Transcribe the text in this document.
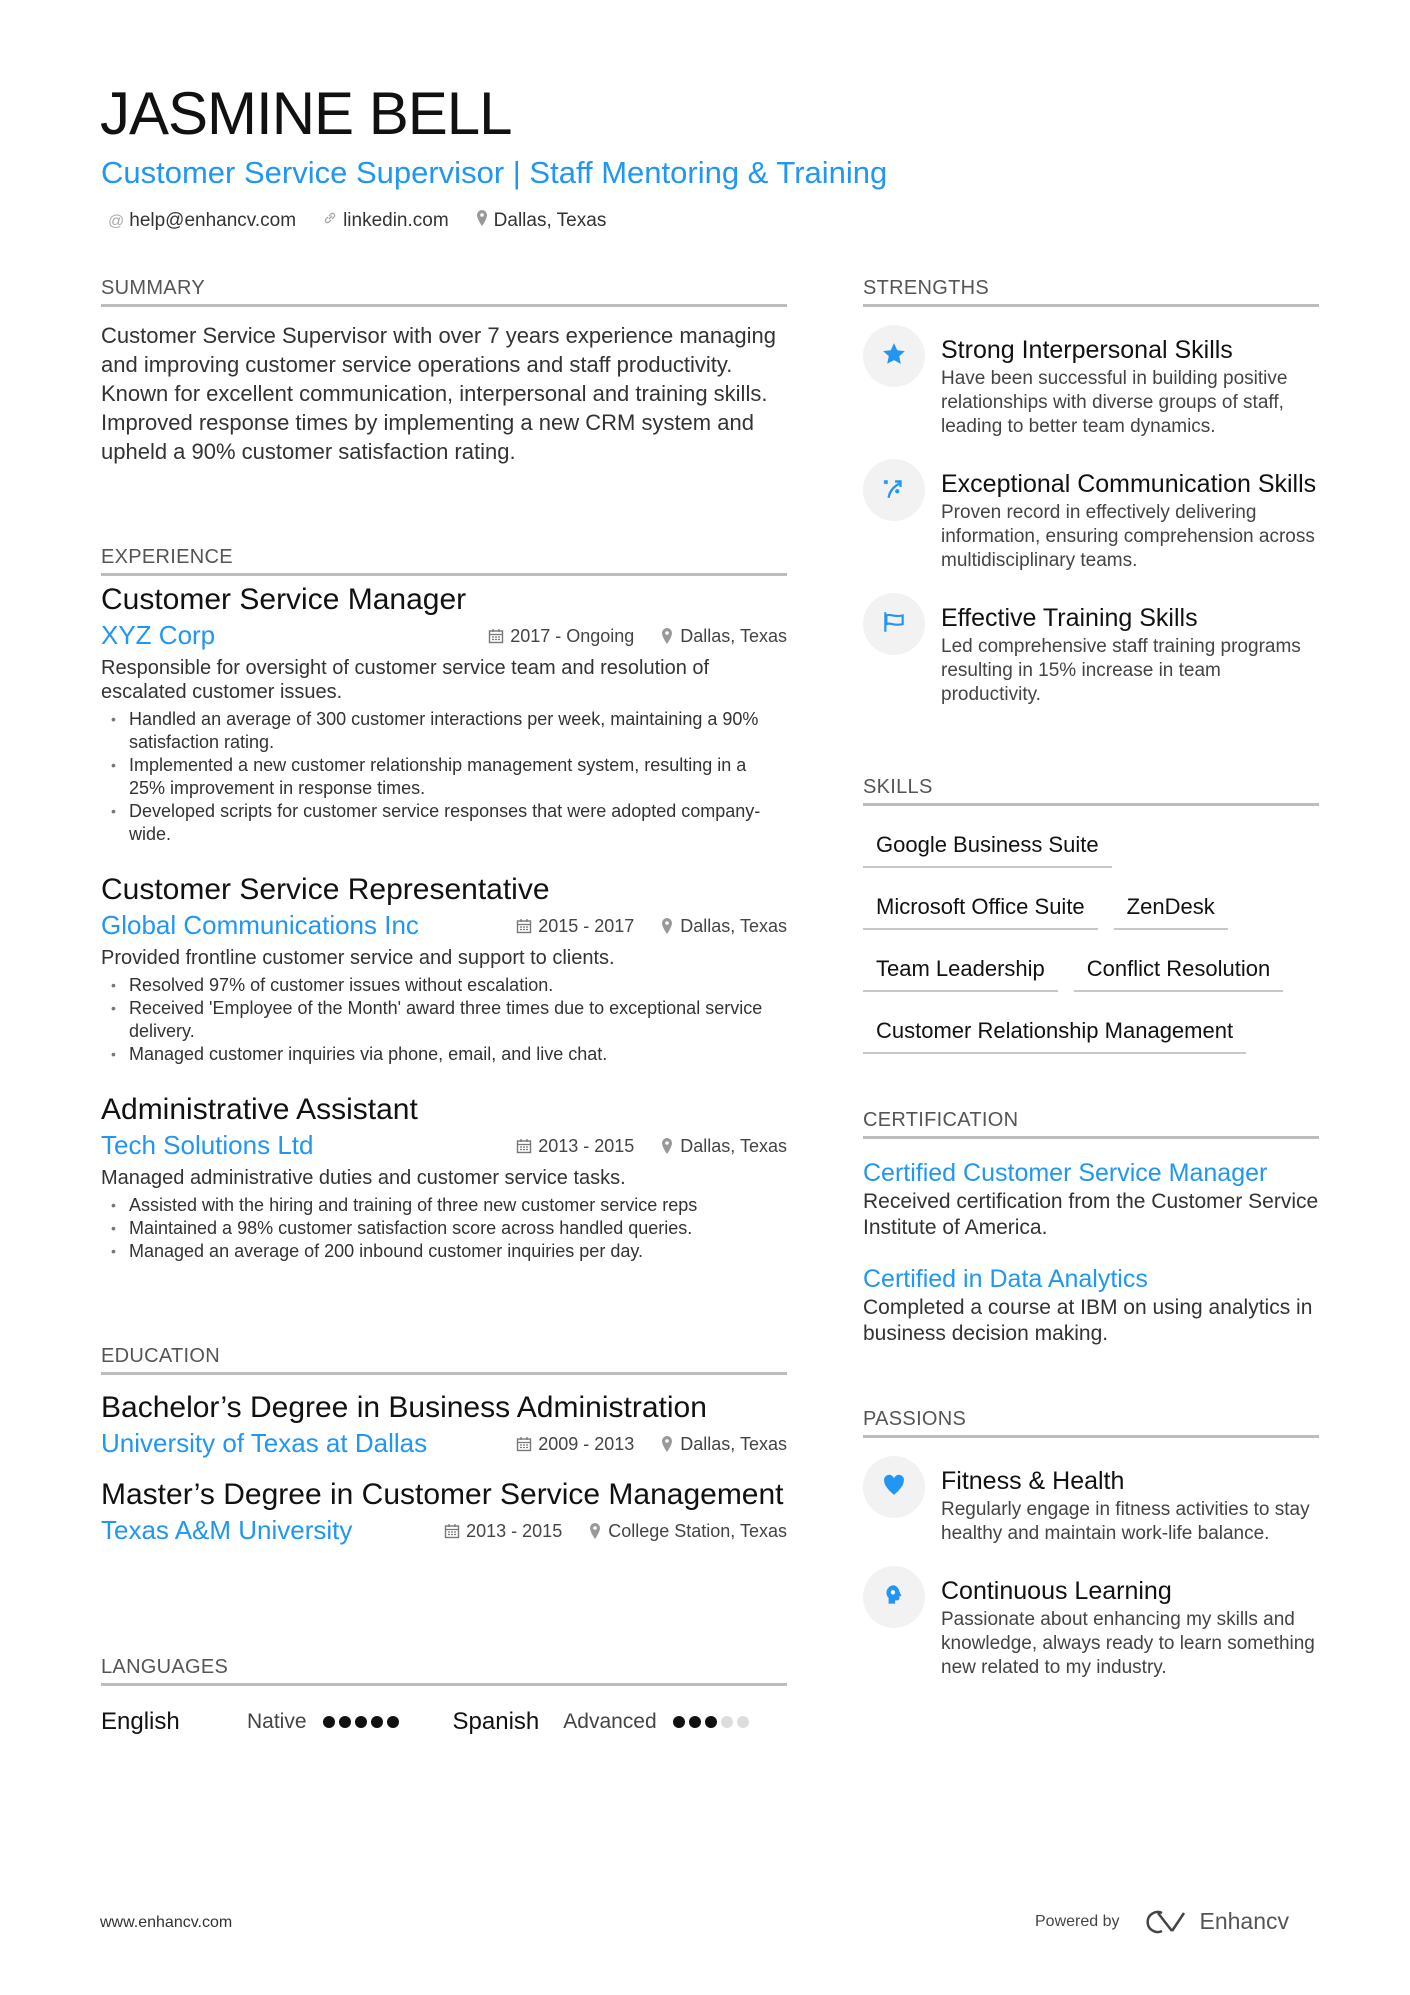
JASMINE BELL
Customer Service Supervisor | Staff Mentoring & Training
@ help@enhancv.com linkedin.com Dallas, Texas
SUMMARY
Customer Service Supervisor with over 7 years experience managing and improving customer service operations and staff productivity. Known for excellent communication, interpersonal and training skills. Improved response times by implementing a new CRM system and upheld a 90% customer satisfaction rating.
EXPERIENCE
Customer Service Manager
XYZ Corp	2017 - Ongoing	Dallas, Texas
Responsible for oversight of customer service team and resolution of escalated customer issues.
• Handled an average of 300 customer interactions per week, maintaining a 90% satisfaction rating.
• Implemented a new customer relationship management system, resulting in a 25% improvement in response times.
• Developed scripts for customer service responses that were adopted company-wide.
Customer Service Representative
Global Communications Inc	2015 - 2017	Dallas, Texas
Provided frontline customer service and support to clients.
• Resolved 97% of customer issues without escalation.
• Received 'Employee of the Month' award three times due to exceptional service delivery.
• Managed customer inquiries via phone, email, and live chat.
Administrative Assistant
Tech Solutions Ltd	2013 - 2015	Dallas, Texas
Managed administrative duties and customer service tasks.
• Assisted with the hiring and training of three new customer service reps
• Maintained a 98% customer satisfaction score across handled queries.
• Managed an average of 200 inbound customer inquiries per day.
EDUCATION
Bachelor’s Degree in Business Administration
University of Texas at Dallas	2009 - 2013	Dallas, Texas
Master’s Degree in Customer Service Management
Texas A&M University	2013 - 2015	College Station, Texas
LANGUAGES
English	Native	Spanish Advanced
STRENGTHS
Strong Interpersonal Skills
Have been successful in building positive relationships with diverse groups of staff, leading to better team dynamics.
Exceptional Communication Skills
Proven record in effectively delivering information, ensuring comprehension across multidisciplinary teams.
Effective Training Skills
Led comprehensive staff training programs resulting in 15% increase in team productivity.
SKILLS
Google Business Suite
Microsoft Office Suite	ZenDesk
Team Leadership	Conflict Resolution
Customer Relationship Management
CERTIFICATION
Certified Customer Service Manager
Received certification from the Customer Service Institute of America.
Certified in Data Analytics
Completed a course at IBM on using analytics in business decision making.
PASSIONS
Fitness & Health
Regularly engage in fitness activities to stay healthy and maintain work-life balance.
Continuous Learning
Passionate about enhancing my skills and knowledge, always ready to learn something new related to my industry.
www.enhancv.com	Powered by	Enhancv
